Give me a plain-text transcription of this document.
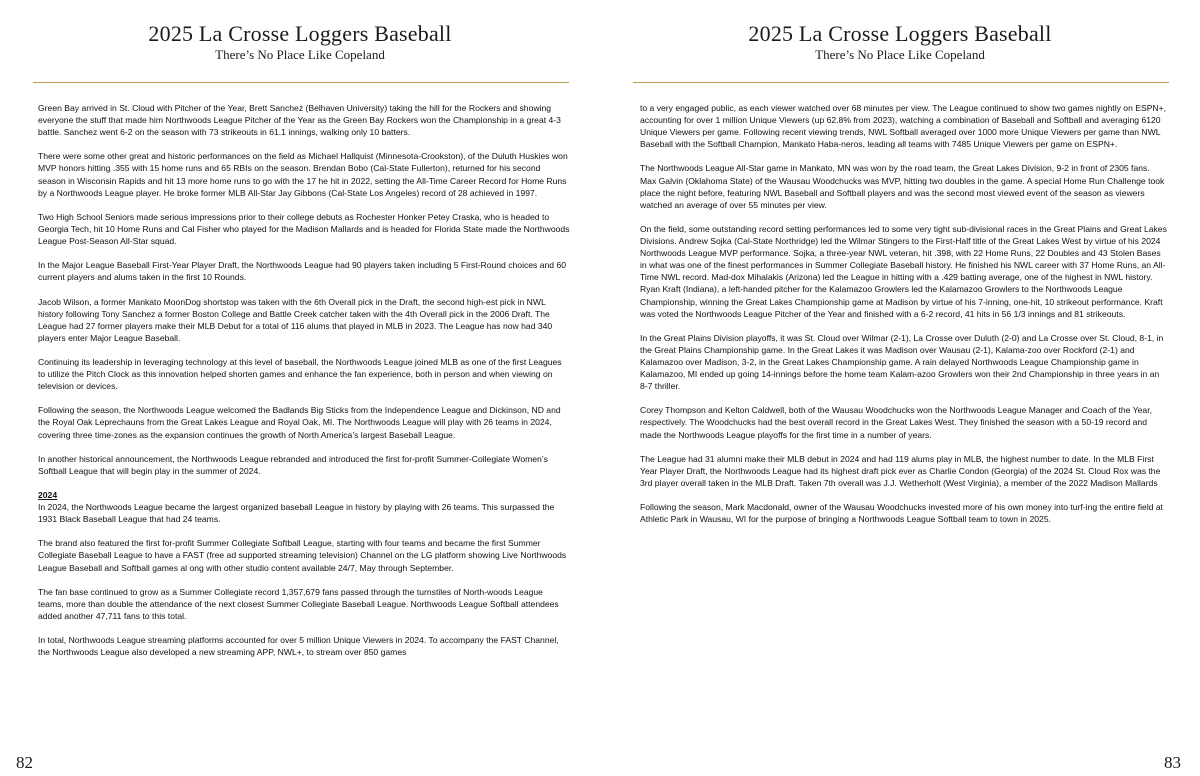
2025 La Crosse Loggers Baseball
There’s No Place Like Copeland

Green Bay arrived in St. Cloud with Pitcher of the Year, Brett Sanchez (Belhaven University) taking the hill for the Rockers and showing everyone the stuff that made him Northwoods League Pitcher of the Year as the Green Bay Rockers won the Championship in a great 4-3 battle. Sanchez went 6-2 on the season with 73 strikeouts in 61.1 innings, walking only 10 batters.

There were some other great and historic performances on the field as Michael Hallquist (Minnesota-Crookston), of the Duluth Huskies won MVP honors hitting .355 with 15 home runs and 65 RBIs on the season. Brendan Bobo (Cal-State Fullerton), returned for his second season in Wisconsin Rapids and hit 13 more home runs to go with the 17 he hit in 2022, setting the All-Time Career Record for Home Runs by a Northwoods League player. He broke former MLB All-Star Jay Gibbons (Cal-State Los Angeles) record of 28 achieved in 1997.

Two High School Seniors made serious impressions prior to their college debuts as Rochester Honker Petey Craska, who is headed to Georgia Tech, hit 10 Home Runs and Cal Fisher who played for the Madison Mallards and is headed for Florida State made the Northwoods League Post-Season All-Star squad.

In the Major League Baseball First-Year Player Draft, the Northwoods League had 90 players taken including 5 First-Round choices and 60 current players and alums taken in the first 10 Rounds.

Jacob Wilson, a former Mankato MoonDog shortstop was taken with the 6th Overall pick in the Draft, the second high-est pick in NWL history following Tony Sanchez a former Boston College and Battle Creek catcher taken with the 4th Overall pick in the 2006 Draft. The League had 27 former players make their MLB Debut for a total of 116 alums that played in MLB in 2023. The League has now had 340 players enter Major League Baseball.

Continuing its leadership in leveraging technology at this level of baseball, the Northwoods League joined MLB as one of the first Leagues to utilize the Pitch Clock as this innovation helped shorten games and enhance the fan experience, both in person and when viewing on television or devices.

Following the season, the Northwoods League welcomed the Badlands Big Sticks from the Independence League and Dickinson, ND and the Royal Oak Leprechauns from the Great Lakes League and Royal Oak, MI. The Northwoods League will play with 26 teams in 2024, covering three time-zones as the expansion continues the growth of North America’s largest Baseball League.

In another historical announcement, the Northwoods League rebranded and introduced the first for-profit Summer-Collegiate Women’s Softball League that will begin play in the summer of 2024.

2024

In 2024, the Northwoods League became the largest organized baseball League in history by playing with 26 teams. This surpassed the 1931 Black Baseball League that had 24 teams.

The brand also featured the first for-profit Summer Collegiate Softball League, starting with four teams and became the first Summer Collegiate Baseball League to have a FAST (free ad supported streaming television) Channel on the LG platform showing Live Northwoods League Baseball and Softball games al ong with other studio content available 24/7, May through September.

The fan base continued to grow as a Summer Collegiate record 1,357,679 fans passed through the turnstiles of North-woods League teams, more than double the attendance of the next closest Summer Collegiate Baseball League. Northwoods League Softball attendees added another 47,711 fans to this total.

In total, Northwoods League streaming platforms accounted for over 5 million Unique Viewers in 2024. To accompany the FAST Channel, the Northwoods League also developed a new streaming APP, NWL+, to stream over 850 games

82
2025 La Crosse Loggers Baseball
There’s No Place Like Copeland

to a very engaged public, as each viewer watched over 68 minutes per view. The League continued to show two games nightly on ESPN+, accounting for over 1 million Unique Viewers (up 62.8% from 2023), watching a combination of Baseball and Softball and averaging 6120 Unique Viewers per game. Following recent viewing trends, NWL Softball averaged over 1000 more Unique Viewers per game than NWL Baseball with the Softball Champion, Mankato Haba-neros, leading all teams with 7485 Unique Viewers per game on ESPN+.

The Northwoods League All-Star game in Mankato, MN was won by the road team, the Great Lakes Division, 9-2 in front of 2305 fans. Max Galvin (Oklahoma State) of the Wausau Woodchucks was MVP, hitting two doubles in the game. A special Home Run Challenge took place the night before, featuring NWL Baseball and Softball players and was the second most viewed event of the season as viewers watched an average of over 55 minutes per view.

On the field, some outstanding record setting performances led to some very tight sub-divisional races in the Great Plains and Great Lakes Divisions. Andrew Sojka (Cal-State Northridge) led the Wilmar Stingers to the First-Half title of the Great Lakes West by virtue of his 2024 Northwoods League MVP performance. Sojka, a three-year NWL veteran, hit .398, with 22 Home Runs, 22 Doubles and 43 Stolen Bases in what was one of the finest performances in Summer Collegiate Baseball history. He finished his NWL career with 37 Home Runs, an All-Time NWL record. Mad-dox Mihalakis (Arizona) led the League in hitting with a .429 batting average, one of the highest in NWL history. Ryan Kraft (Indiana), a left-handed pitcher for the Kalamazoo Growlers led the Kalamazoo Growlers to the Northwoods League Championship, winning the Great Lakes Championship game at Madison by virtue of his 7-inning, one-hit, 10 strikeout performance. Kraft was voted the Northwoods League Pitcher of the Year and finished with a 6-2 record, 41 hits in 56 1/3 innings and 81 strikeouts.

In the Great Plains Division playoffs, it was St. Cloud over Wilmar (2-1), La Crosse over Duluth (2-0) and La Crosse over St. Cloud, 8-1, in the Great Plains Championship game. In the Great Lakes it was Madison over Wausau (2-1), Kalama-zoo over Rockford (2-1) and Kalamazoo over Madison, 3-2, in the Great Lakes Championship game. A rain delayed Northwoods League Championship game in Kalamazoo, MI ended up going 14-innings before the home team Kalam-azoo Growlers won their 2nd Championship in three years in an 8-7 thriller.

Corey Thompson and Kelton Caldwell, both of the Wausau Woodchucks won the Northwoods League Manager and Coach of the Year, respectively. The Woodchucks had the best overall record in the Great Lakes West. They finished the season with a 50-19 record and made the Northwoods League playoffs for the first time in a number of years.

The League had 31 alumni make their MLB debut in 2024 and had 119 alums play in MLB, the highest number to date. In the MLB First Year Player Draft, the Northwoods League had its highest draft pick ever as Charlie Condon (Georgia) of the 2024 St. Cloud Rox was the 3rd player overall taken in the MLB Draft. Taken 7th overall was J.J. Wetherholt (West Virginia), a member of the 2022 Madison Mallards

Following the season, Mark Macdonald, owner of the Wausau Woodchucks invested more of his own money into turf-ing the entire field at Athletic Park in Wausau, WI for the purpose of bringing a Northwoods League Softball team to town in 2025.

83
